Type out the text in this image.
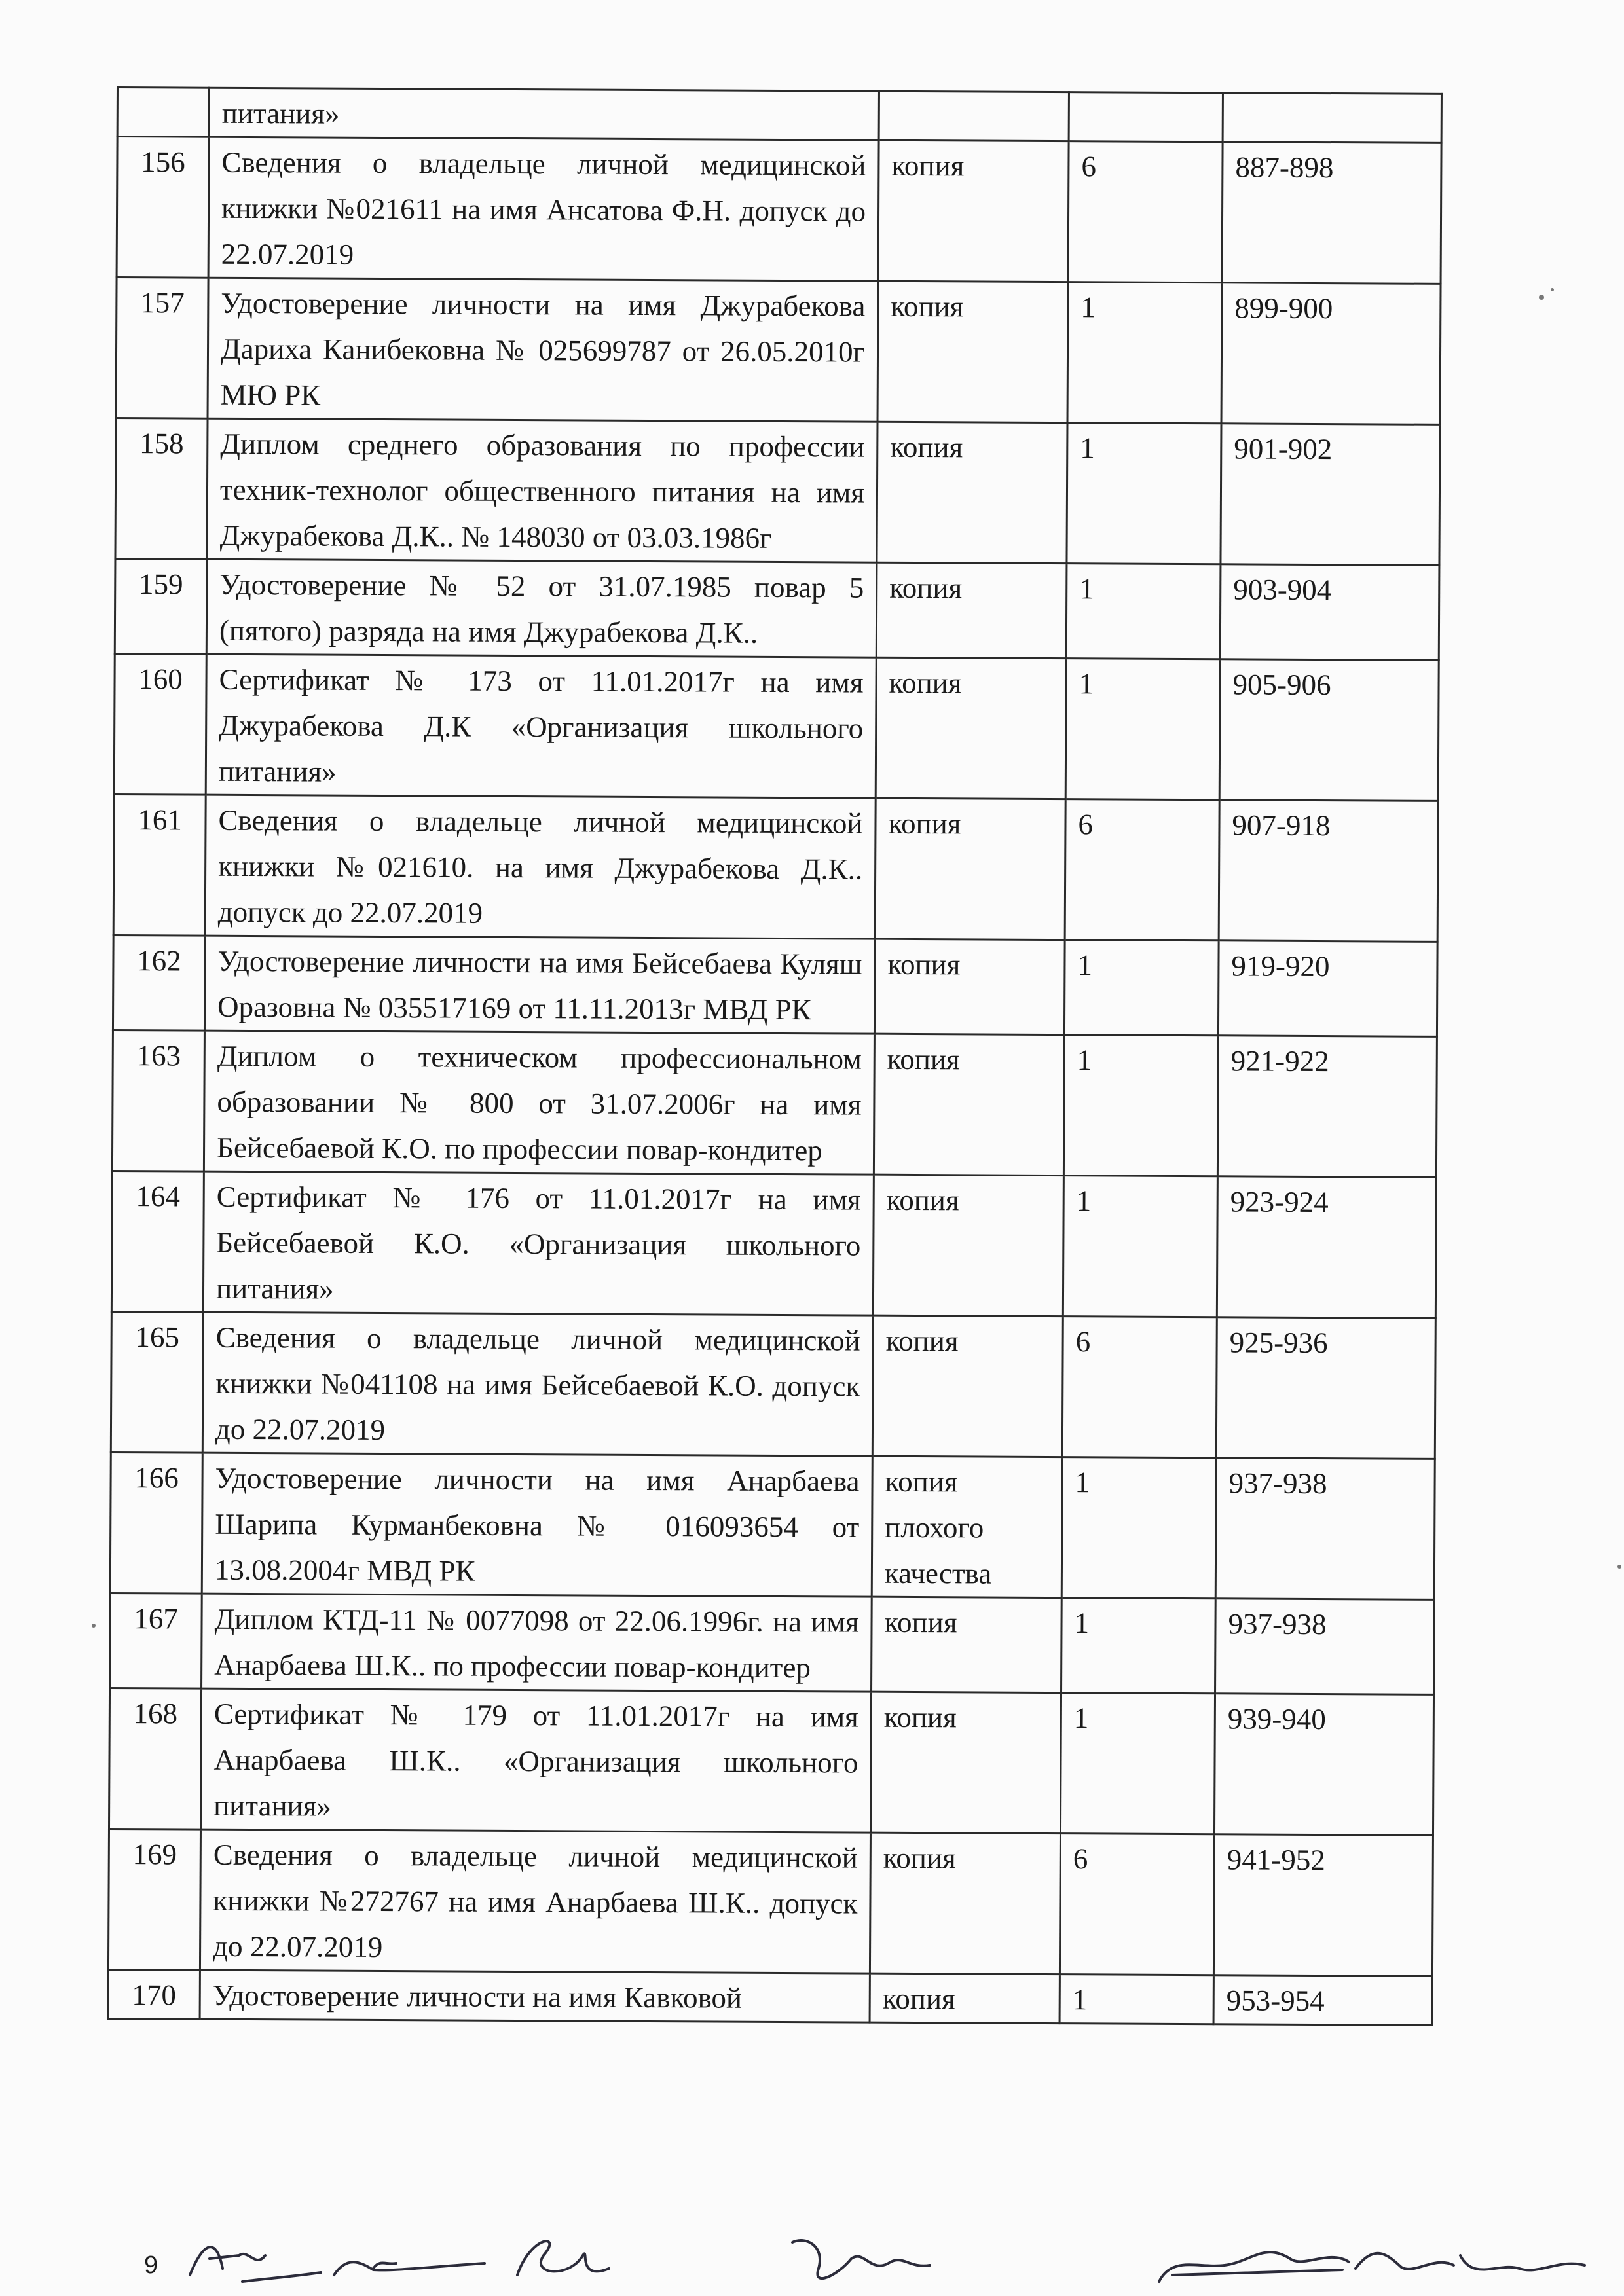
	питания»			
156	Сведения о владельце личной медицинской книжки №021611 на имя Ансатова Ф.Н. допуск до 22.07.2019	копия	6	887-898
157	Удостоверение личности на имя Джурабекова Дариха Канибековна № 025699787 от 26.05.2010г МЮ РК	копия	1	899-900
158	Диплом среднего образования по профессии техник-технолог общественного питания на имя Джурабекова Д.К.. № 148030 от 03.03.1986г	копия	1	901-902
159	Удостоверение № 52 от 31.07.1985 повар 5 (пятого) разряда на имя Джурабекова Д.К..	копия	1	903-904
160	Сертификат № 173 от 11.01.2017г на имя Джурабекова Д.К «Организация школьного питания»	копия	1	905-906
161	Сведения о владельце личной медицинской книжки №021610. на имя Джурабекова Д.К.. допуск до 22.07.2019	копия	6	907-918
162	Удостоверение личности на имя Бейсебаева Куляш Оразовна № 035517169 от 11.11.2013г МВД РК	копия	1	919-920
163	Диплом о техническом профессиональном образовании № 800 от 31.07.2006г на имя Бейсебаевой К.О. по профессии повар-кондитер	копия	1	921-922
164	Сертификат № 176 от 11.01.2017г на имя Бейсебаевой К.О. «Организация школьного питания»	копия	1	923-924
165	Сведения о владельце личной медицинской книжки №041108 на имя Бейсебаевой К.О. допуск до 22.07.2019	копия	6	925-936
166	Удостоверение личности на имя Анарбаева Шарипа Курманбековна № 016093654 от 13.08.2004г МВД РК	копия плохого качества	1	937-938
167	Диплом КТД-11 № 0077098 от 22.06.1996г. на имя Анарбаева Ш.К.. по профессии повар-кондитер	копия	1	937-938
168	Сертификат № 179 от 11.01.2017г на имя Анарбаева Ш.К.. «Организация школьного питания»	копия	1	939-940
169	Сведения о владельце личной медицинской книжки №272767 на имя Анарбаева Ш.К.. допуск до 22.07.2019	копия	6	941-952
170	Удостоверение личности на имя Кавковой	копия	1	953-954
9
